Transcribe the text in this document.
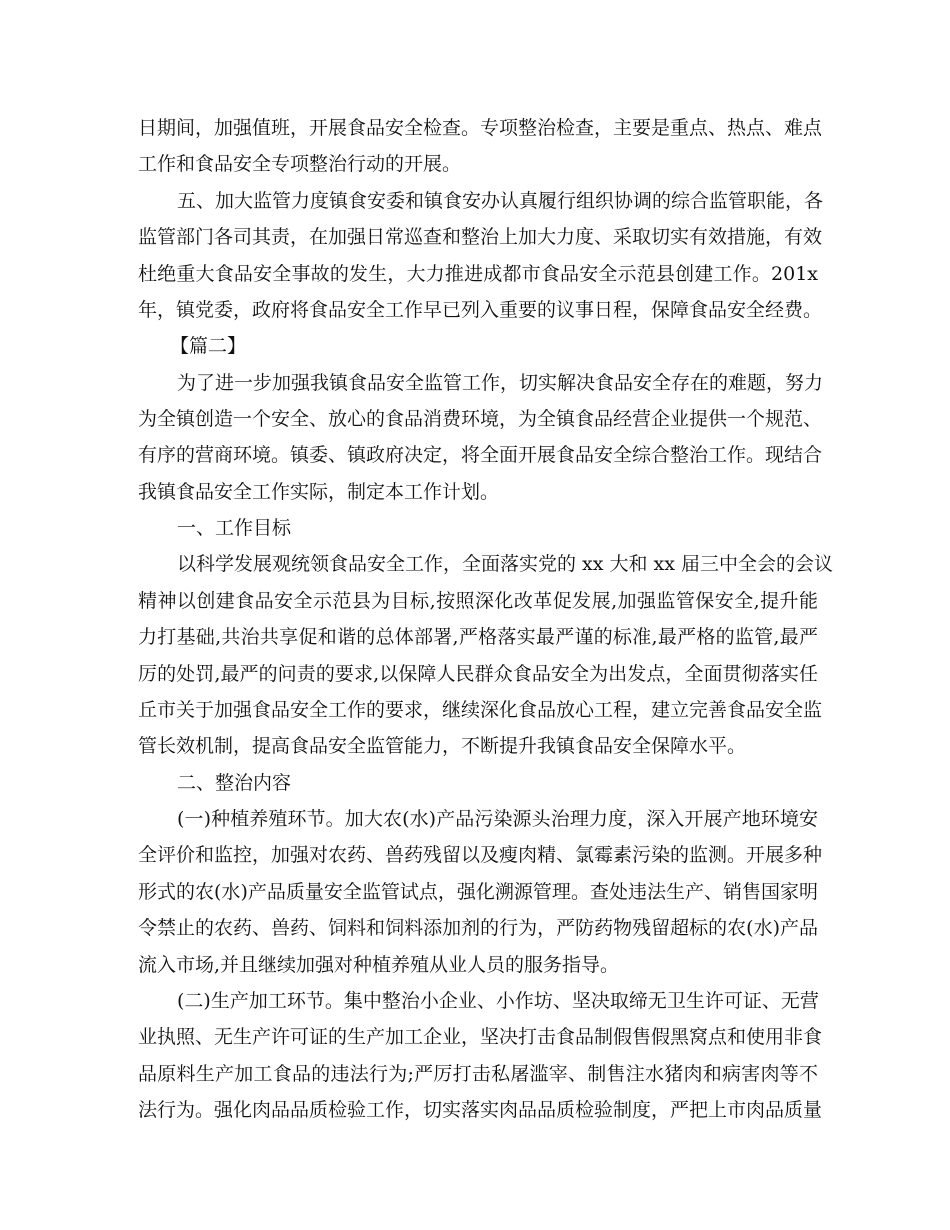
日期间，加强值班，开展食品安全检查。专项整治检查，主要是重点、热点、难点
工作和食品安全专项整治行动的开展。
五、加大监管力度镇食安委和镇食安办认真履行组织协调的综合监管职能，各
监管部门各司其责，在加强日常巡查和整治上加大力度、采取切实有效措施，有效
杜绝重大食品安全事故的发生，大力推进成都市食品安全示范县创建工作。201x
年，镇党委，政府将食品安全工作早已列入重要的议事日程，保障食品安全经费。
【篇二】
为了进一步加强我镇食品安全监管工作，切实解决食品安全存在的难题，努力
为全镇创造一个安全、放心的食品消费环境，为全镇食品经营企业提供一个规范、
有序的营商环境。镇委、镇政府决定，将全面开展食品安全综合整治工作。现结合
我镇食品安全工作实际，制定本工作计划。
一、工作目标
以科学发展观统领食品安全工作，全面落实党的 xx 大和 xx 届三中全会的会议
精神以创建食品安全示范县为目标,按照深化改革促发展,加强监管保安全,提升能
力打基础,共治共享促和谐的总体部署,严格落实最严谨的标准,最严格的监管,最严
厉的处罚,最严的问责的要求,以保障人民群众食品安全为出发点，全面贯彻落实任
丘市关于加强食品安全工作的要求，继续深化食品放心工程，建立完善食品安全监
管长效机制，提高食品安全监管能力，不断提升我镇食品安全保障水平。
二、整治内容
(一)种植养殖环节。加大农(水)产品污染源头治理力度，深入开展产地环境安
全评价和监控，加强对农药、兽药残留以及瘦肉精、氯霉素污染的监测。开展多种
形式的农(水)产品质量安全监管试点，强化溯源管理。查处违法生产、销售国家明
令禁止的农药、兽药、饲料和饲料添加剂的行为，严防药物残留超标的农(水)产品
流入市场,并且继续加强对种植养殖从业人员的服务指导。
(二)生产加工环节。集中整治小企业、小作坊、坚决取缔无卫生许可证、无营
业执照、无生产许可证的生产加工企业，坚决打击食品制假售假黑窝点和使用非食
品原料生产加工食品的违法行为;严厉打击私屠滥宰、制售注水猪肉和病害肉等不
法行为。强化肉品品质检验工作，切实落实肉品品质检验制度，严把上市肉品质量
